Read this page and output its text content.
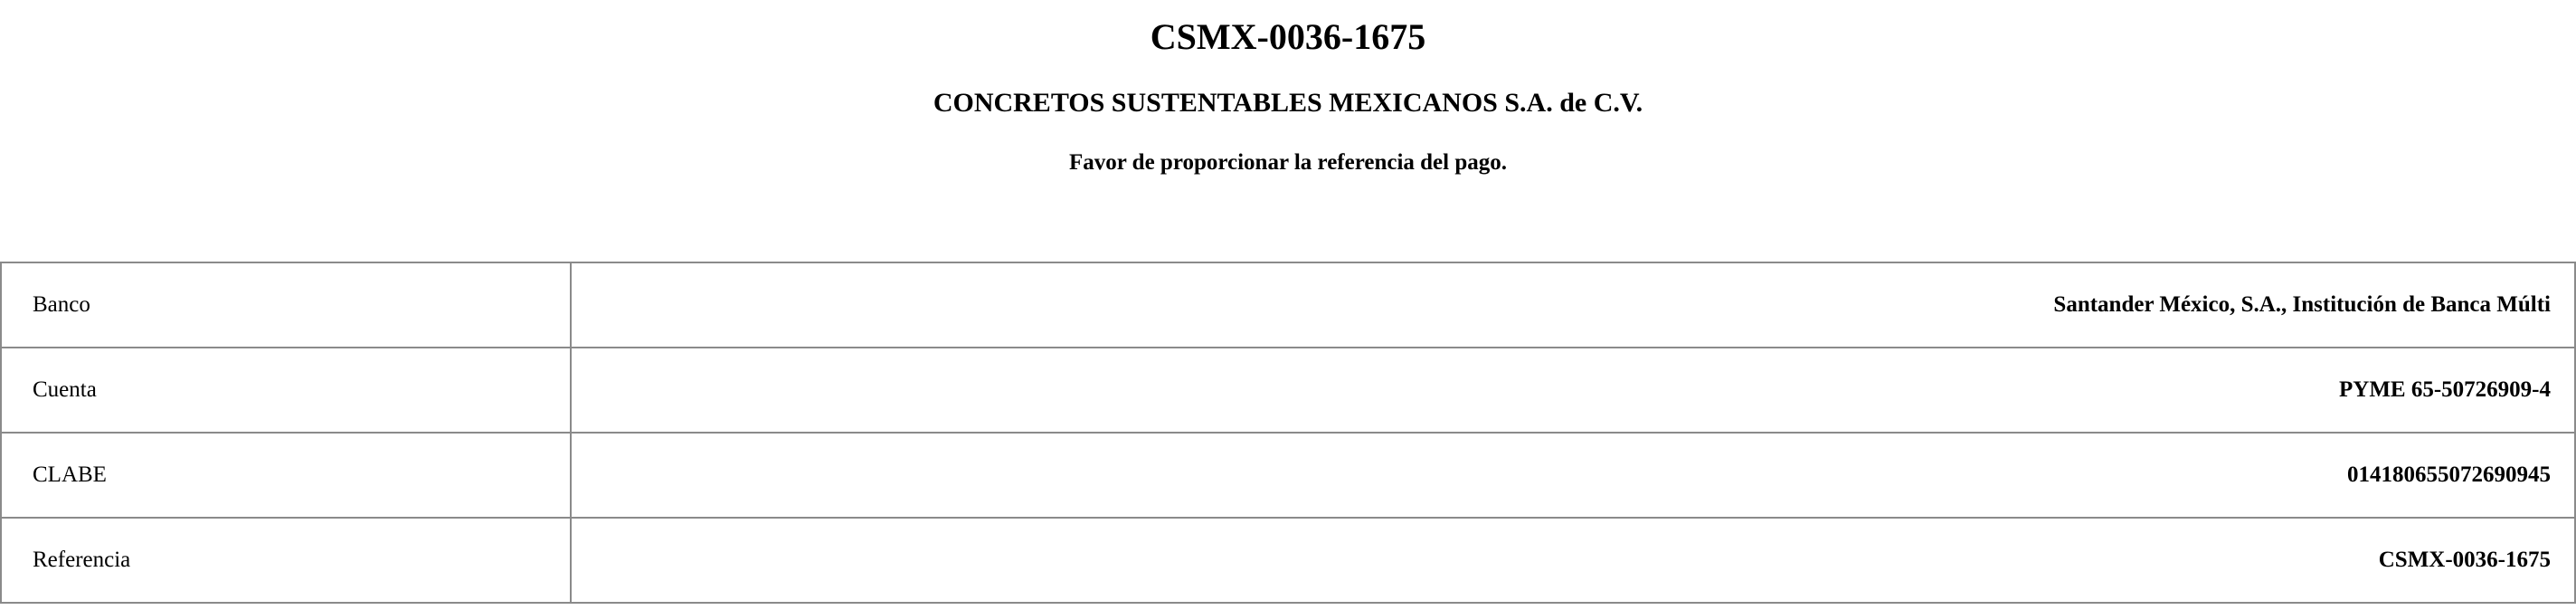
CSMX-0036-1675
CONCRETOS SUSTENTABLES MEXICANOS S.A. de C.V.

Favor de proporcionar la referencia del pago.

Banco	Santander México, S.A., Institución de Banca Múlti
Cuenta	PYME 65-50726909-4
CLABE	014180655072690945
Referencia	CSMX-0036-1675
